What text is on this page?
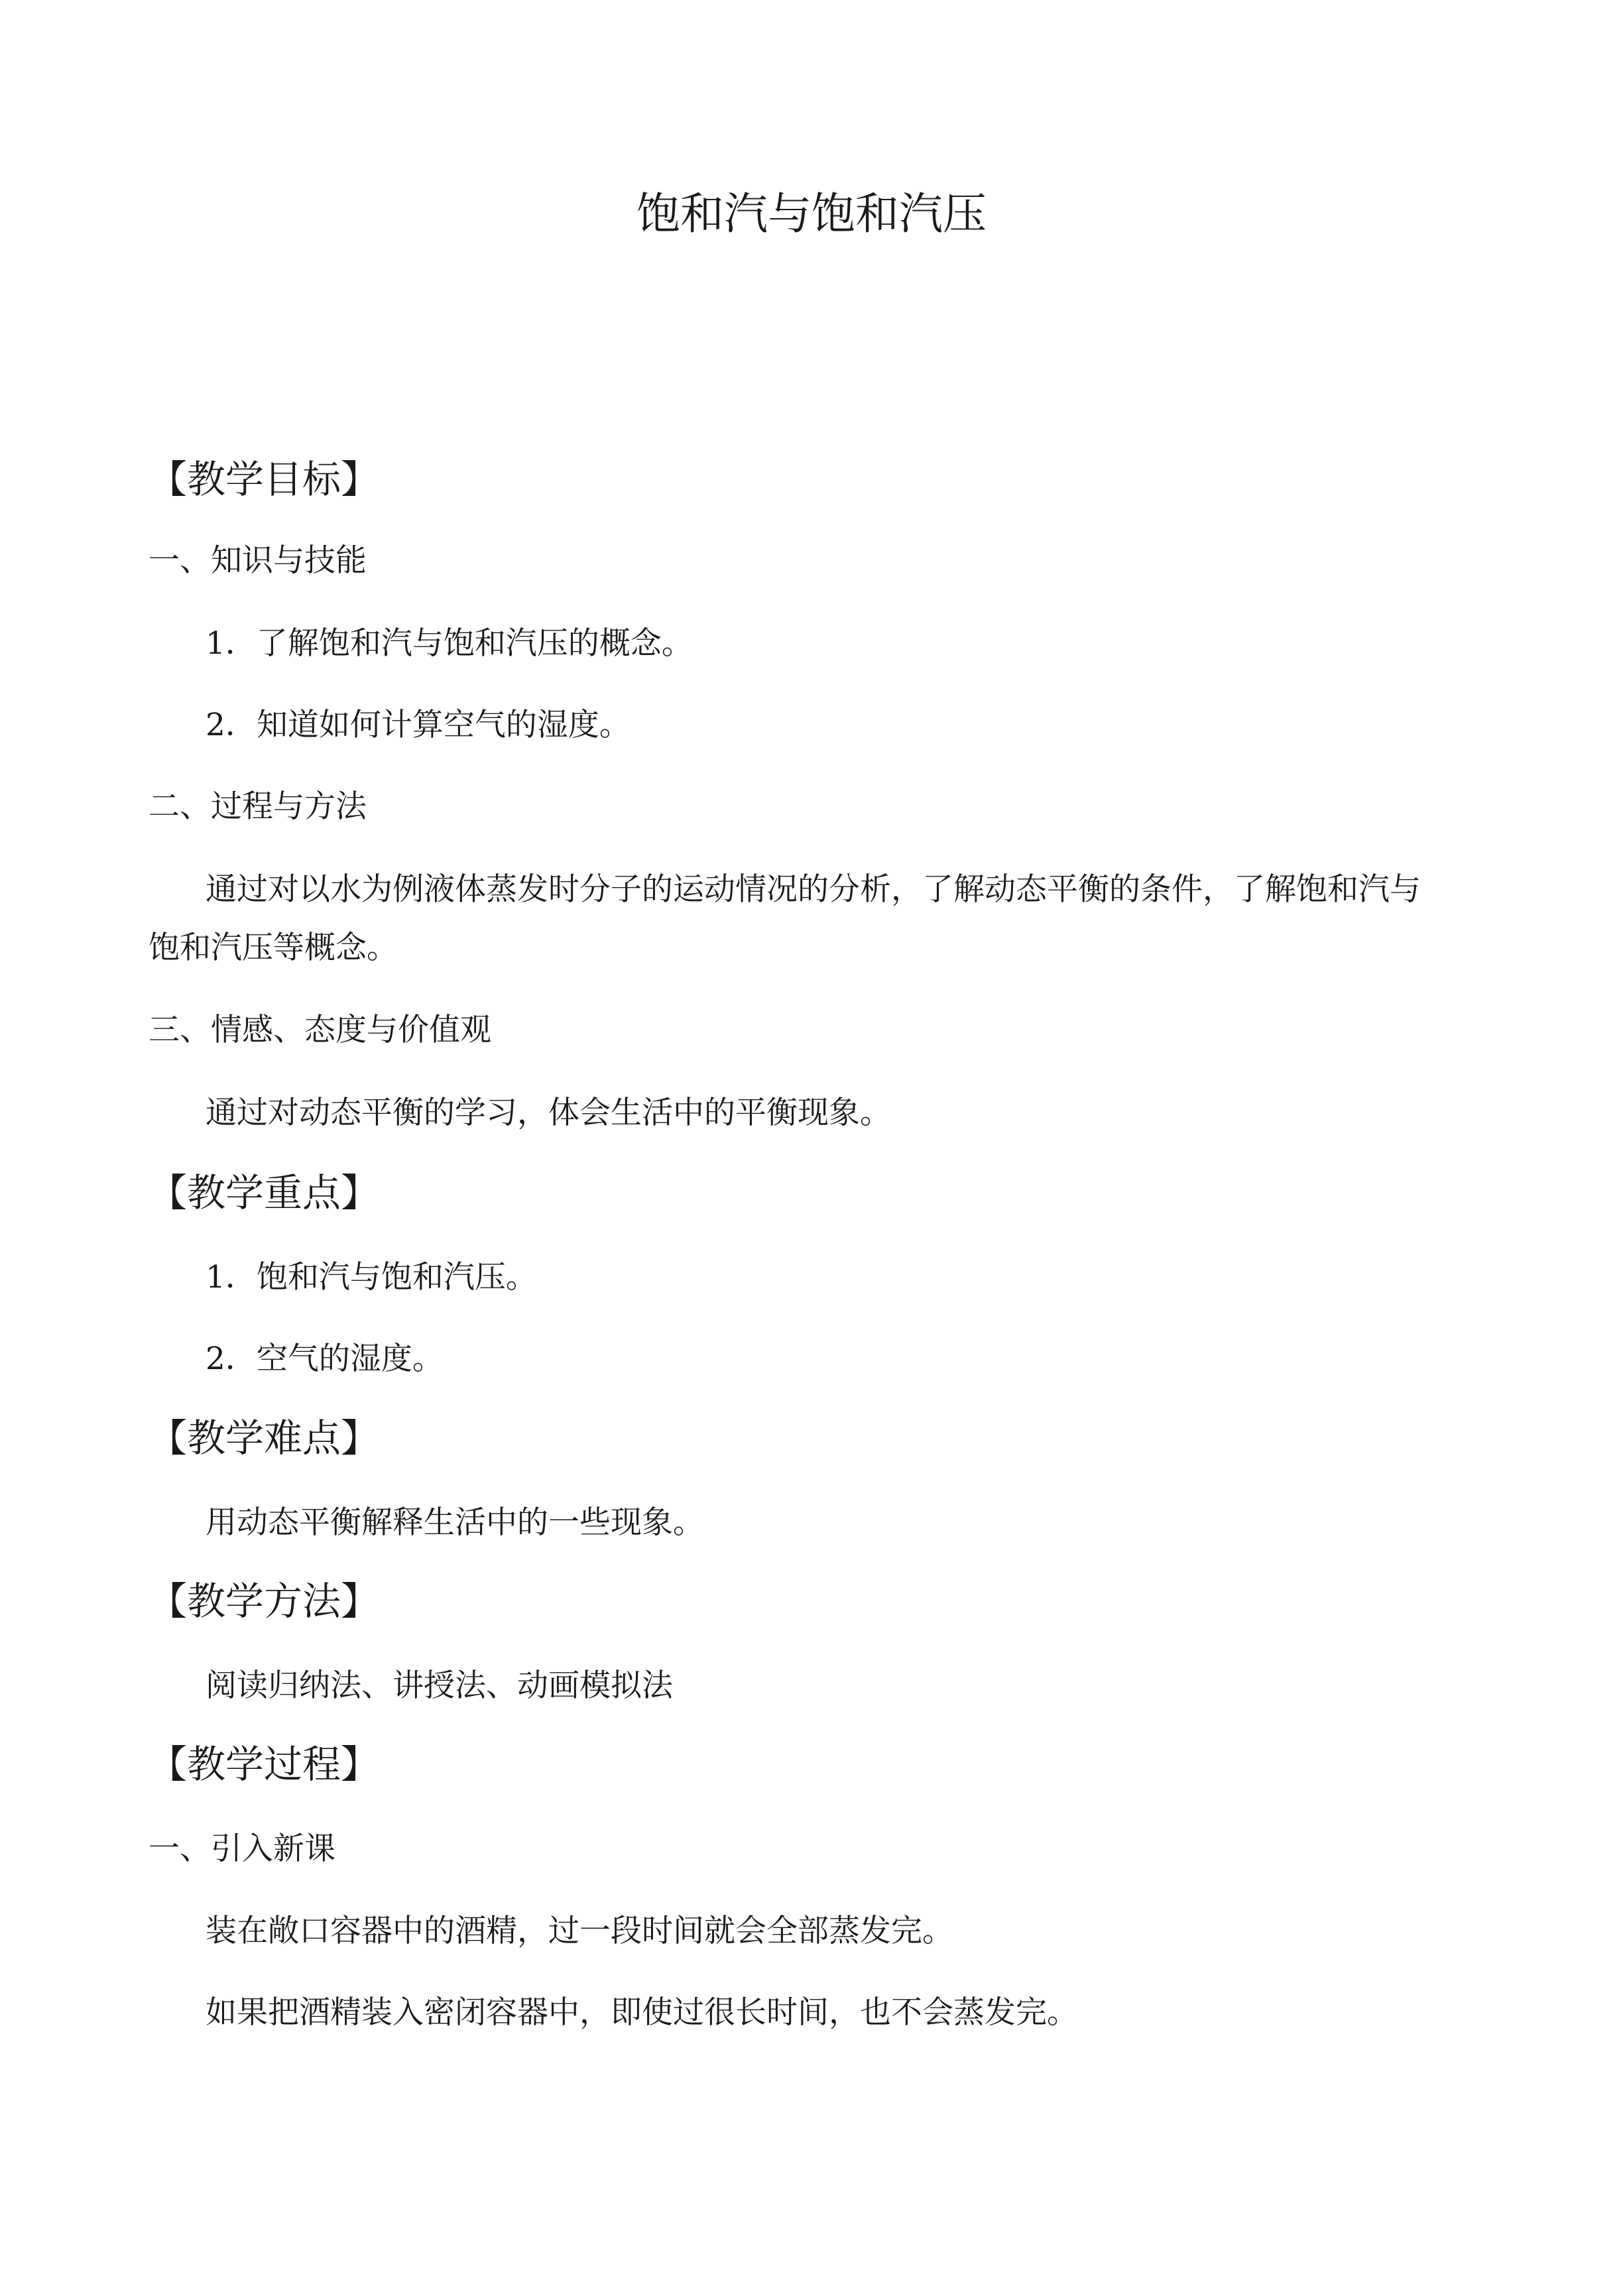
饱和汽与饱和汽压
【教学目标】
一、知识与技能
1．了解饱和汽与饱和汽压的概念。
2．知道如何计算空气的湿度。
二、过程与方法
通过对以水为例液体蒸发时分子的运动情况的分析，了解动态平衡的条件，了解饱和汽与
饱和汽压等概念。
三、情感、态度与价值观
通过对动态平衡的学习，体会生活中的平衡现象。
【教学重点】
1．饱和汽与饱和汽压。
2．空气的湿度。
【教学难点】
用动态平衡解释生活中的一些现象。
【教学方法】
阅读归纳法、讲授法、动画模拟法
【教学过程】
一、引入新课
装在敞口容器中的酒精，过一段时间就会全部蒸发完。
如果把酒精装入密闭容器中，即使过很长时间，也不会蒸发完。
